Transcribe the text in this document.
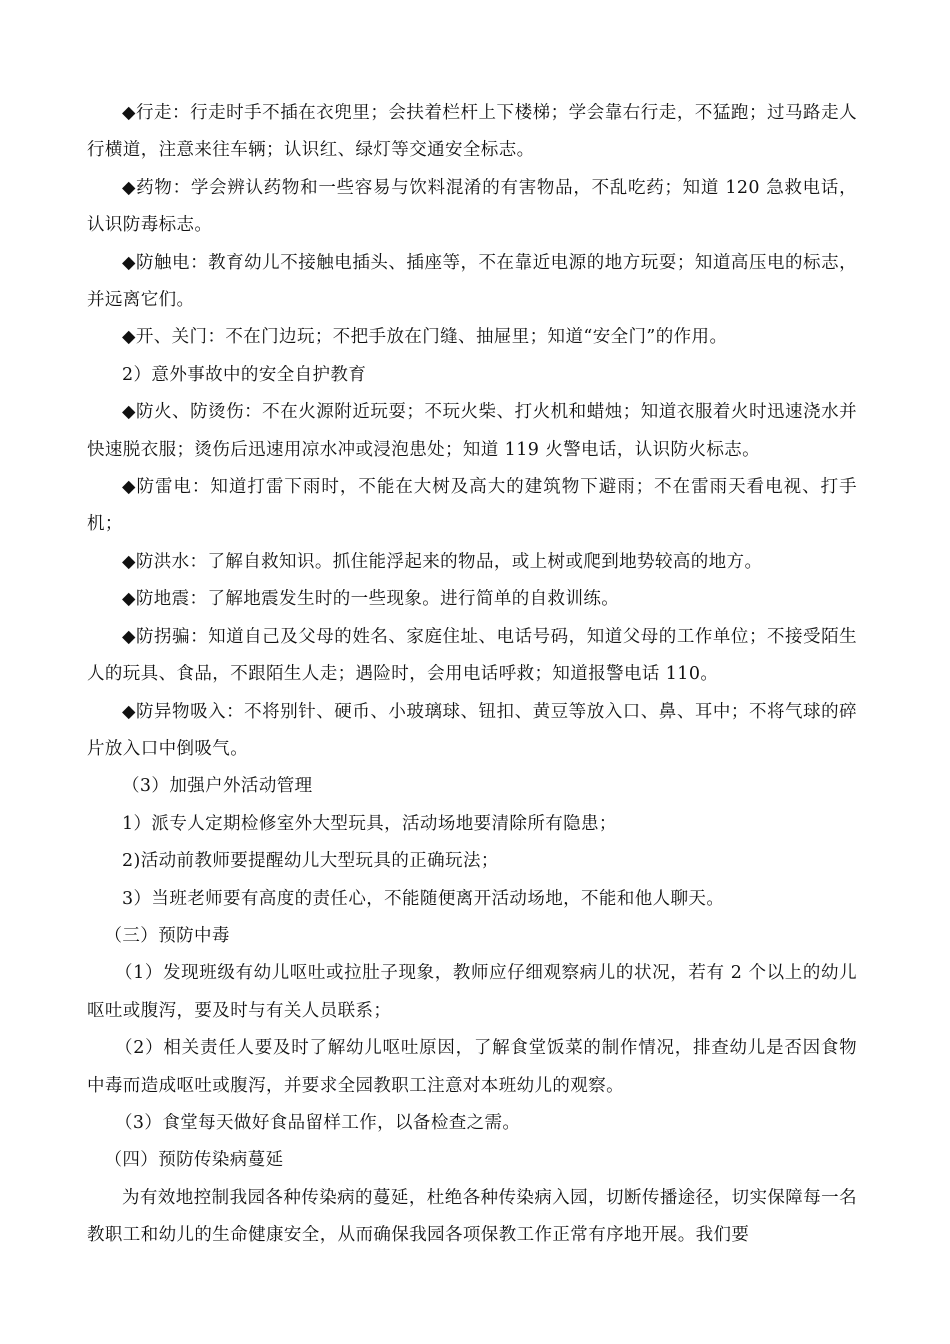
◆行走：行走时手不插在衣兜里；会扶着栏杆上下楼梯；学会靠右行走，不猛跑；过马路走人行横道，注意来往车辆；认识红、绿灯等交通安全标志。

◆药物：学会辨认药物和一些容易与饮料混淆的有害物品，不乱吃药；知道 120 急救电话，认识防毒标志。

◆防触电：教育幼儿不接触电插头、插座等，不在靠近电源的地方玩耍；知道高压电的标志，并远离它们。

◆开、关门：不在门边玩；不把手放在门缝、抽屉里；知道“安全门”的作用。

2）意外事故中的安全自护教育

◆防火、防烫伤：不在火源附近玩耍；不玩火柴、打火机和蜡烛；知道衣服着火时迅速浇水并快速脱衣服；烫伤后迅速用凉水冲或浸泡患处；知道 119 火警电话，认识防火标志。

◆防雷电：知道打雷下雨时，不能在大树及高大的建筑物下避雨；不在雷雨天看电视、打手机；

◆防洪水：了解自救知识。抓住能浮起来的物品，或上树或爬到地势较高的地方。

◆防地震：了解地震发生时的一些现象。进行简单的自救训练。

◆防拐骗：知道自己及父母的姓名、家庭住址、电话号码，知道父母的工作单位；不接受陌生人的玩具、食品，不跟陌生人走；遇险时，会用电话呼救；知道报警电话 110。

◆防异物吸入：不将别针、硬币、小玻璃球、钮扣、黄豆等放入口、鼻、耳中；不将气球的碎片放入口中倒吸气。

（3）加强户外活动管理

1）派专人定期检修室外大型玩具，活动场地要清除所有隐患；

2)活动前教师要提醒幼儿大型玩具的正确玩法；

3）当班老师要有高度的责任心，不能随便离开活动场地，不能和他人聊天。

（三）预防中毒

（1）发现班级有幼儿呕吐或拉肚子现象，教师应仔细观察病儿的状况，若有 2 个以上的幼儿呕吐或腹泻，要及时与有关人员联系；

（2）相关责任人要及时了解幼儿呕吐原因，了解食堂饭菜的制作情况，排查幼儿是否因食物中毒而造成呕吐或腹泻，并要求全园教职工注意对本班幼儿的观察。

（3）食堂每天做好食品留样工作，以备检查之需。

（四）预防传染病蔓延

为有效地控制我园各种传染病的蔓延，杜绝各种传染病入园，切断传播途径，切实保障每一名教职工和幼儿的生命健康安全，从而确保我园各项保教工作正常有序地开展。我们要
